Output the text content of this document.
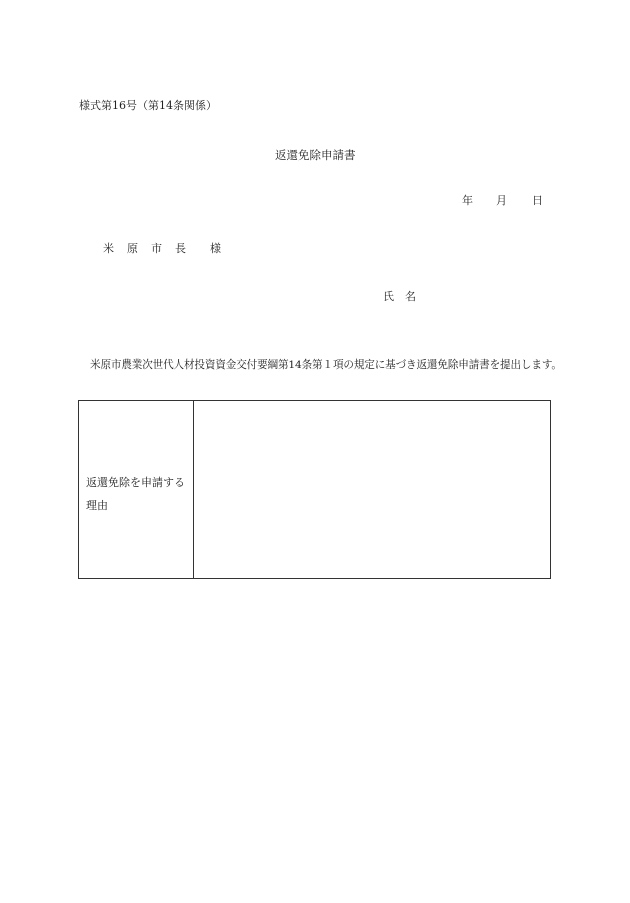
様式第16号（第14条関係）
返還免除申請書
年 月 日
米 原 市 長 様
氏　名
米原市農業次世代人材投資資金交付要綱第14条第１項の規定に基づき返還免除申請書を提出します。
返還免除を申請する
理由
